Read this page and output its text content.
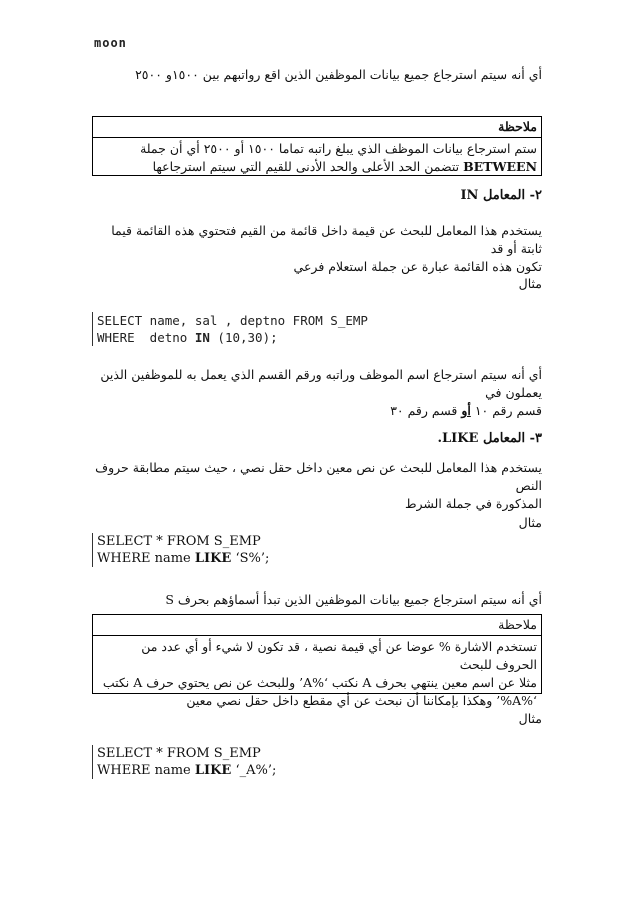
moon
أي أنه سيتم استرجاع جميع بيانات الموظفين الذين اقع رواتبهم بين ١٥٠٠و ٢٥٠٠
ملاحظة
ستم استرجاع بيانات الموظف الذي يبلغ راتبه تماما ١٥٠٠ أو ٢٥٠٠ أي أن جملة
BETWEEN تتضمن الحد الأعلى والحد الأدنى للقيم التي سيتم استرجاعها
٢- المعامل IN
يستخدم هذا المعامل للبحث عن قيمة داخل قائمة من القيم فتحتوي هذه القائمة قيما ثابتة أو قد
تكون هذه القائمة عبارة عن جملة استعلام فرعي
مثال
SELECT name, sal , deptno FROM S_EMP
WHERE  detno IN (10,30);
أي أنه سيتم استرجاع اسم الموظف وراتبه ورقم القسم الذي يعمل به للموظفين الذين يعملون في
قسم رقم ١٠ أو قسم رقم ٣٠
٣- المعامل LIKE.
يستخدم هذا المعامل للبحث عن نص معين داخل حقل نصي ، حيث سيتم مطابقة حروف النص
المذكورة في جملة الشرط
مثال
SELECT * FROM S_EMP
WHERE name LIKE ‘S%’;
أي أنه سيتم استرجاع جميع بيانات الموظفين الذين تبدأ أسماؤهم بحرف S
ملاحظة
تستخدم الاشارة % عوضا عن أي قيمة نصية ، قد تكون لا شيء أو أي عدد من الحروف للبحث
مثلا عن اسم معين ينتهي بحرف A نكتب ‘%A’ وللبحث عن نص يحتوي حرف A نكتب
‘%A%’ وهكذا بإمكاننا أن نبحث عن أي مقطع داخل حقل نصي معين
مثال
SELECT * FROM S_EMP
WHERE name LIKE ‘_A%’;
